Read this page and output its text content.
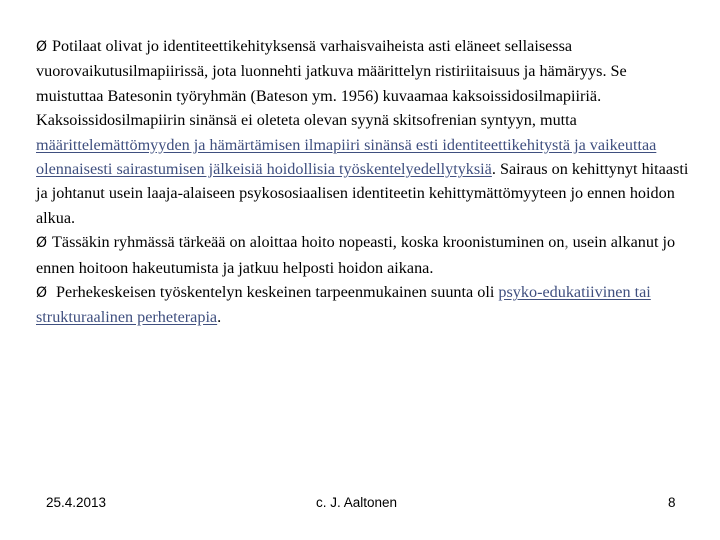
Ø Potilaat olivat jo identiteettikehityksensä varhaisvaiheista asti eläneet sellaisessa vuorovaikutusilmapiirissä, jota luonnehti jatkuva määrittelyn ristiriitaisuus ja hämäryys. Se muistuttaa Batesonin työryhmän (Bateson ym. 1956) kuvaamaa kaksoissidosilmapiiriä. Kaksoissidosilmapiirin sinänsä ei oleteta olevan syynä skitsofrenian syntyyn, mutta määrittelemättömyyden ja hämärtämisen ilmapiiri sinänsä esti identiteettikehitystä ja vaikeuttaa olennaisesti sairastumisen jälkeisiä hoidollisia työskentelyedellytyksiä. Sairaus on kehittynyt hitaasti ja johtanut usein laaja-alaiseen psykososiaalisen identiteetin kehittymättömyyteen jo ennen hoidon alkua.

Ø Tässäkin ryhmässä tärkeää on aloittaa hoito nopeasti, koska kroonistuminen on, usein alkanut jo ennen hoitoon hakeutumista ja jatkuu helposti hoidon aikana.

Ø Perhekeskeisen työskentelyn keskeinen tarpeenmukainen suunta oli psyko-edukatiivinen tai strukturaalinen perheterapia.

25.4.2013	c. J. Aaltonen	8
